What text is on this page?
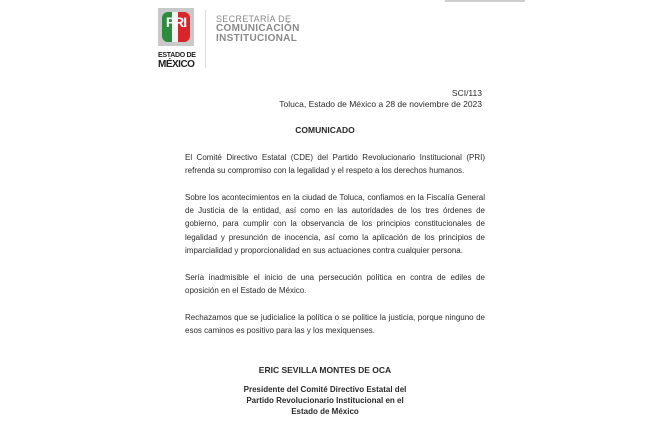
PRI
ESTADO DE
MÉXICO
SECRETARÍA DE
COMUNICACIÓN
INSTITUCIONAL
SCI/113
Toluca, Estado de México a 28 de noviembre de 2023
COMUNICADO

El Comité Directivo Estatal (CDE) del Partido Revolucionario Institucional (PRI) refrenda su compromiso con la legalidad y el respeto a los derechos humanos.

Sobre los acontecimientos en la ciudad de Toluca, confiamos en la Fiscalía General de Justicia de la entidad, así como en las autoridades de los tres órdenes de gobierno, para cumplir con la observancia de los principios constitucionales de legalidad y presunción de inocencia, así como la aplicación de los principios de imparcialidad y proporcionalidad en sus actuaciones contra cualquier persona.

Sería inadmisible el inicio de una persecución política en contra de ediles de oposición en el Estado de México.

Rechazamos que se judicialice la política o se politice la justicia, porque ninguno de esos caminos es positivo para las y los mexiquenses.

ERIC SEVILLA MONTES DE OCA
Presidente del Comité Directivo Estatal del
Partido Revolucionario Institucional en el
Estado de México
